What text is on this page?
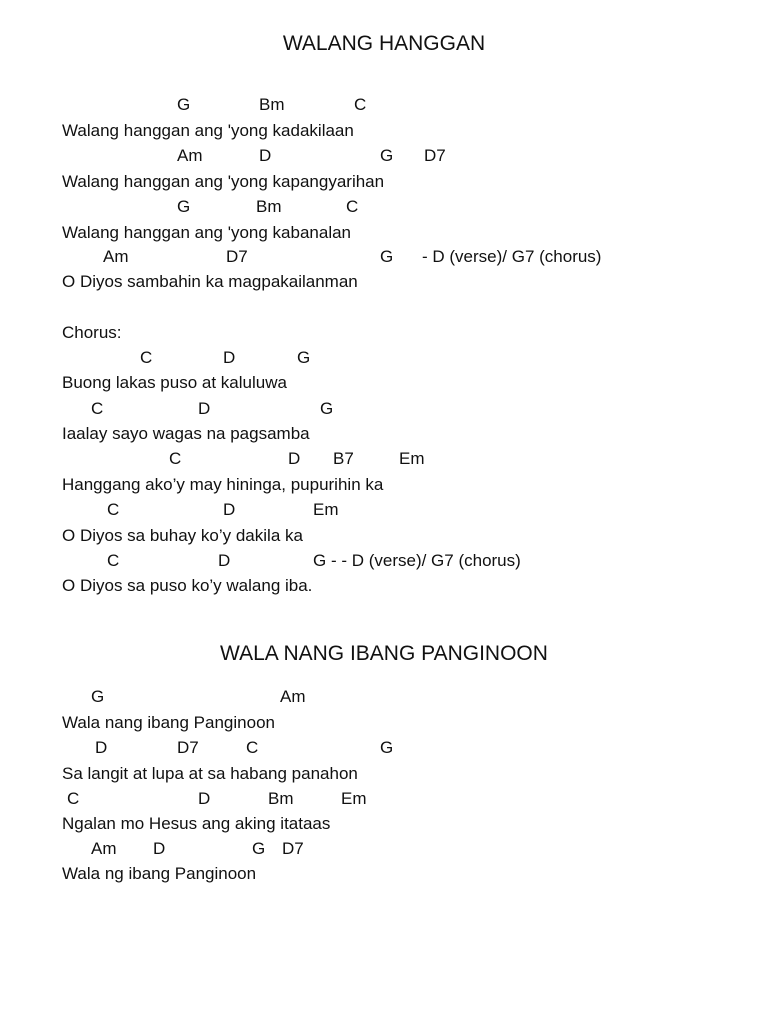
WALANG HANGGAN
G	Bm	C
Walang hanggan ang 'yong kadakilaan
Am	D	G D7
Walang hanggan ang 'yong kapangyarihan
G	Bm	C
Walang hanggan ang 'yong kabanalan
Am	D7	G - D (verse)/ G7 (chorus)
O Diyos sambahin ka magpakailanman
Chorus:
C	D	G
Buong lakas puso at kaluluwa
C	D	G
Iaalay sayo wagas na pagsamba
C	D B7	Em
Hanggang ako’y may hininga, pupurihin ka
C	D	Em
O Diyos sa buhay ko’y dakila ka
C	D	G - - D (verse)/ G7 (chorus)
O Diyos sa puso ko’y walang iba.
WALA NANG IBANG PANGINOON
G	Am
Wala nang ibang Panginoon
D	D7	C	G
Sa langit at lupa at sa habang panahon
C	D	Bm	Em
Ngalan mo Hesus ang aking itataas
Am D	G D7
Wala ng ibang Panginoon
